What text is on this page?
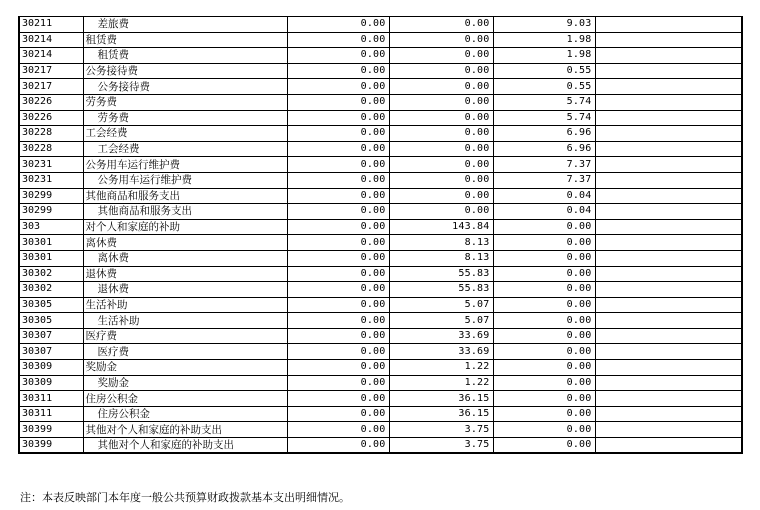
30211	差旅费	0.00	0.00	9.03	
30214	租赁费	0.00	0.00	1.98	
30214	租赁费	0.00	0.00	1.98	
30217	公务接待费	0.00	0.00	0.55	
30217	公务接待费	0.00	0.00	0.55	
30226	劳务费	0.00	0.00	5.74	
30226	劳务费	0.00	0.00	5.74	
30228	工会经费	0.00	0.00	6.96	
30228	工会经费	0.00	0.00	6.96	
30231	公务用车运行维护费	0.00	0.00	7.37	
30231	公务用车运行维护费	0.00	0.00	7.37	
30299	其他商品和服务支出	0.00	0.00	0.04	
30299	其他商品和服务支出	0.00	0.00	0.04	
303	对个人和家庭的补助	0.00	143.84	0.00	
30301	离休费	0.00	8.13	0.00	
30301	离休费	0.00	8.13	0.00	
30302	退休费	0.00	55.83	0.00	
30302	退休费	0.00	55.83	0.00	
30305	生活补助	0.00	5.07	0.00	
30305	生活补助	0.00	5.07	0.00	
30307	医疗费	0.00	33.69	0.00	
30307	医疗费	0.00	33.69	0.00	
30309	奖励金	0.00	1.22	0.00	
30309	奖励金	0.00	1.22	0.00	
30311	住房公积金	0.00	36.15	0.00	
30311	住房公积金	0.00	36.15	0.00	
30399	其他对个人和家庭的补助支出	0.00	3.75	0.00	
30399	其他对个人和家庭的补助支出	0.00	3.75	0.00	
注：本表反映部门本年度一般公共预算财政拨款基本支出明细情况。
